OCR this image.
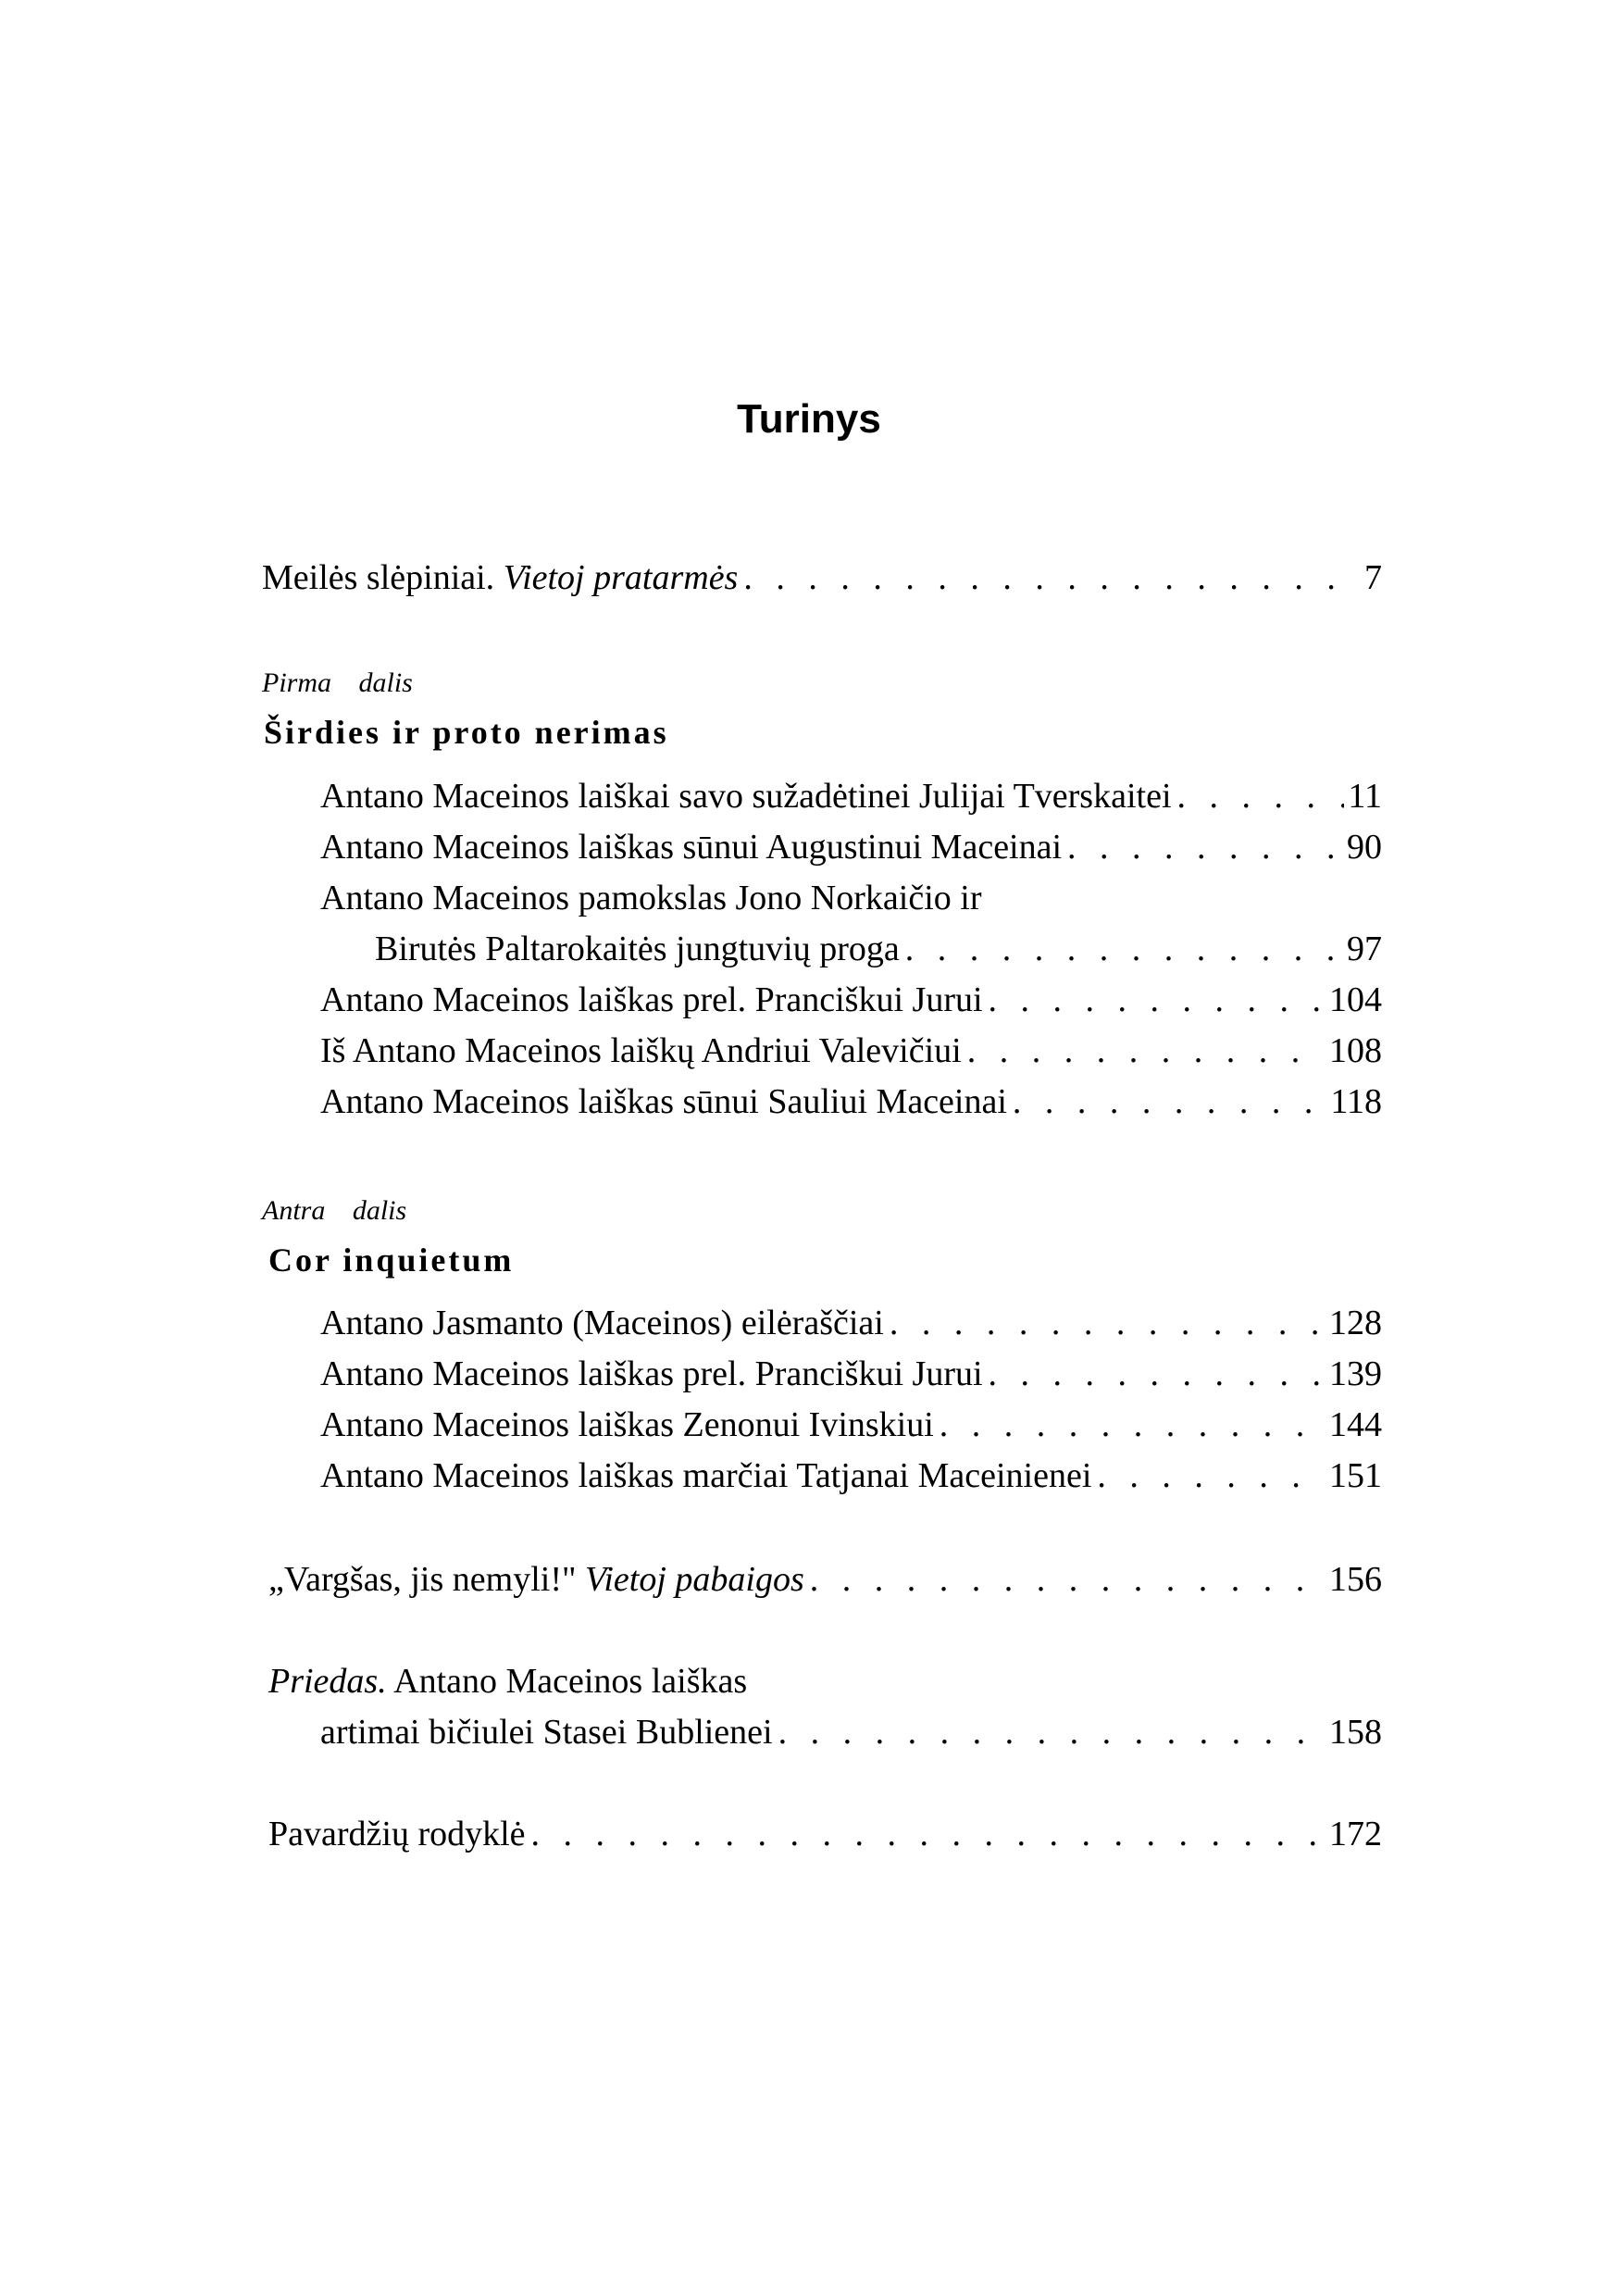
Turinys
Meilės slėpiniai. Vietoj pratarmės . . .	7
Pirma dalis
Širdies ir proto nerimas
Antano Maceinos laiškai savo sužadėtinei Julijai Tverskaitei . . .	11
Antano Maceinos laiškas sūnui Augustinui Maceinai . . .	90
Antano Maceinos pamokslas Jono Norkaičio ir
Birutės Paltarokaitės jungtuvių proga . . .	97
Antano Maceinos laiškas prel. Pranciškui Jurui . . .	104
Iš Antano Maceinos laiškų Andriui Valevičiui . . .	108
Antano Maceinos laiškas sūnui Sauliui Maceinai . . .	118
Antra dalis
Cor inquietum
Antano Jasmanto (Maceinos) eilėraščiai . . .	128
Antano Maceinos laiškas prel. Pranciškui Jurui . . .	139
Antano Maceinos laiškas Zenonui Ivinskiui . . .	144
Antano Maceinos laiškas marčiai Tatjanai Maceinienei . . .	151
„Vargšas, jis nemyli!" Vietoj pabaigos . . .	156
Priedas. Antano Maceinos laiškas
artimai bičiulei Stasei Bublienei . . .	158
Pavardžių rodyklė . . .	172
